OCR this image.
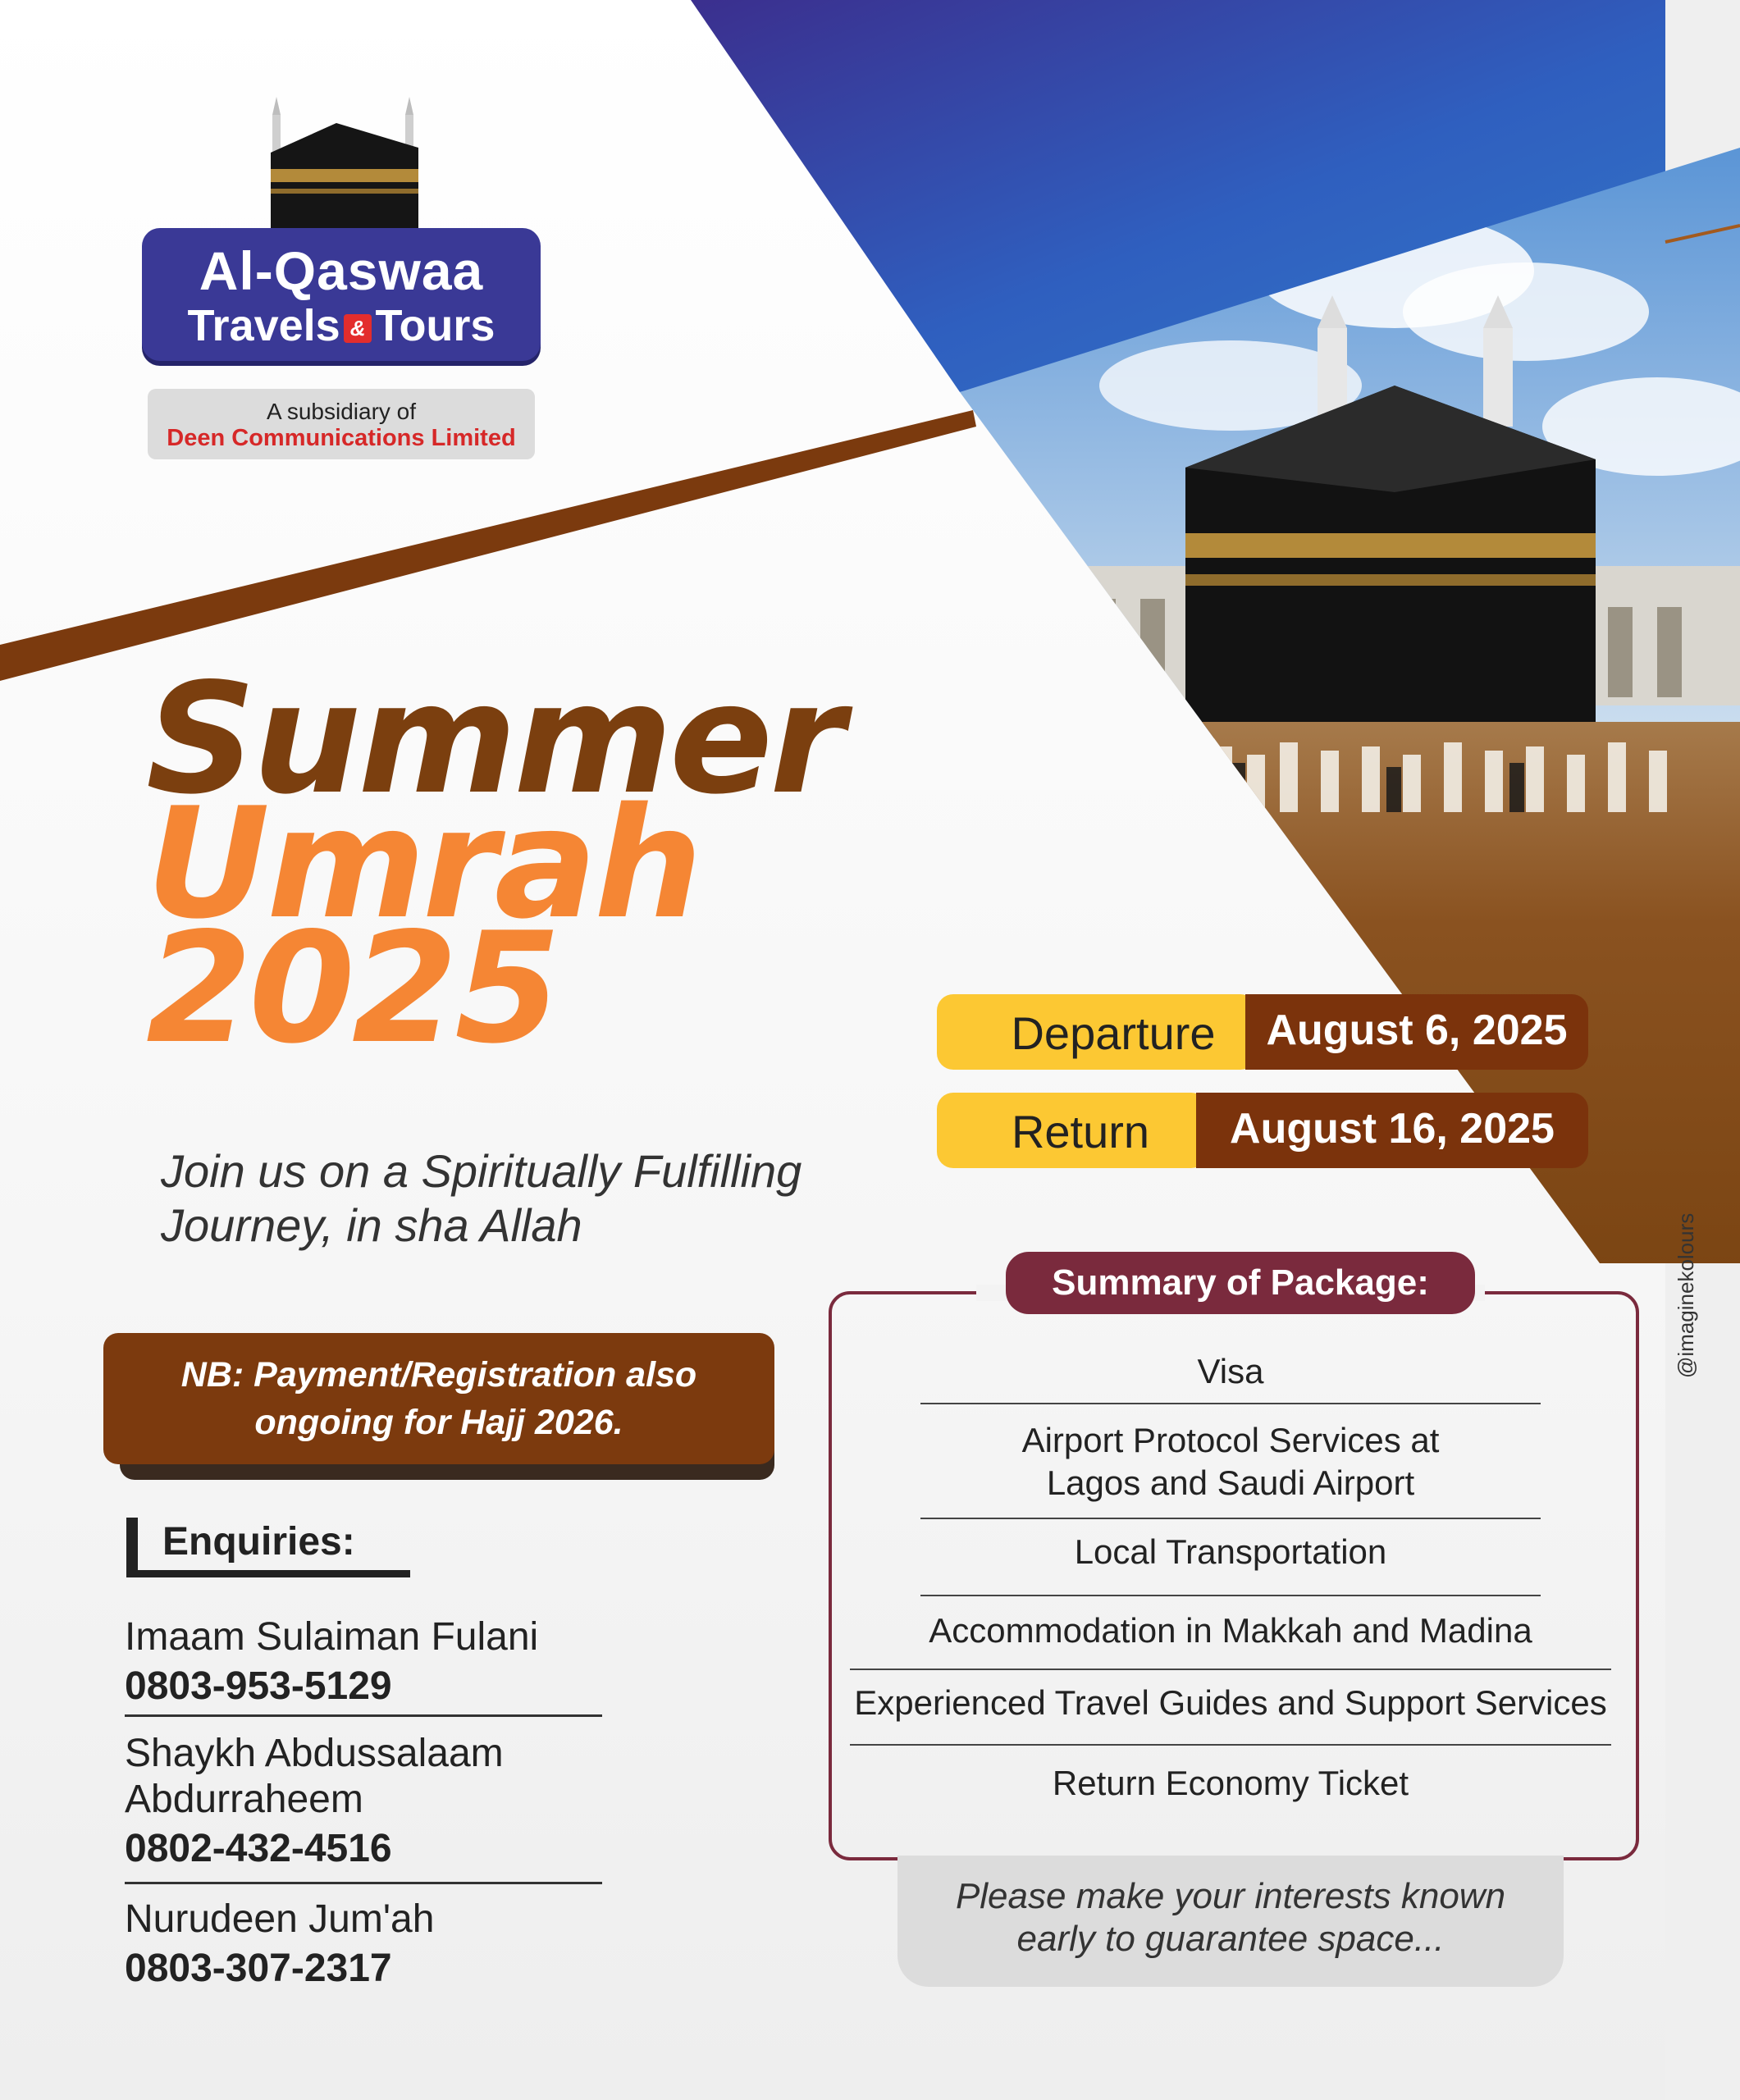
Al-Qaswaa
Travels & Tours
A subsidiary of
Deen Communications Limited
Summer
Umrah
2025	Departure	August 6, 2025
Return	August 16, 2025
Join us on a Spiritually Fulfilling
Journey, in sha Allah
NB: Payment/Registration also
ongoing for Hajj 2026.
Enquiries:
Imaam Sulaiman Fulani
0803-953-5129
Shaykh Abdussalaam
Abdurraheem
0802-432-4516
Nurudeen Jum'ah
0803-307-2317
Summary of Package:
Visa
Airport Protocol Services at
Lagos and Saudi Airport
Local Transportation
Accommodation in Makkah and Madina
Experienced Travel Guides and Support Services
Return Economy Ticket
Please make your interests known
early to guarantee space...
@imaginekolours
